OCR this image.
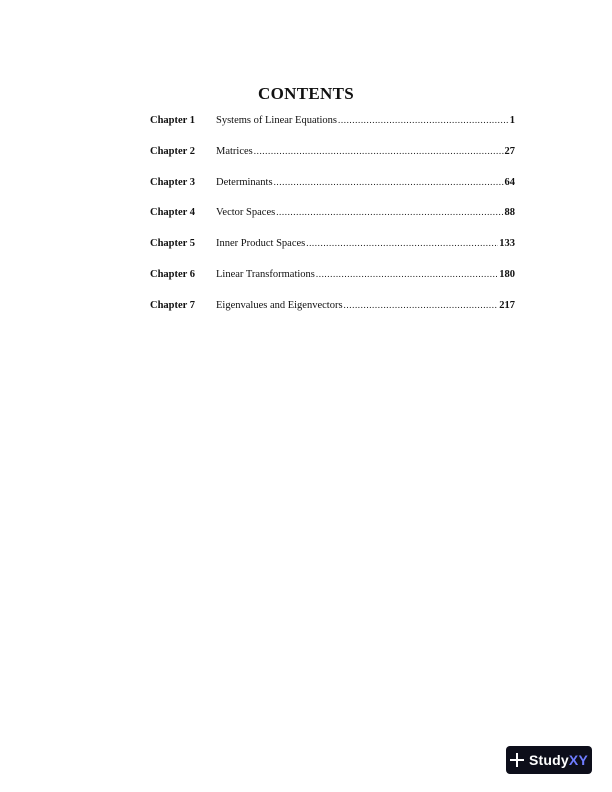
CONTENTS
Chapter 1	Systems of Linear Equations .....	1
Chapter 2	Matrices .....	27
Chapter 3	Determinants .....	64
Chapter 4	Vector Spaces .....	88
Chapter 5	Inner Product Spaces .....	133
Chapter 6	Linear Transformations .....	180
Chapter 7	Eigenvalues and Eigenvectors .....	217
StudyXY
